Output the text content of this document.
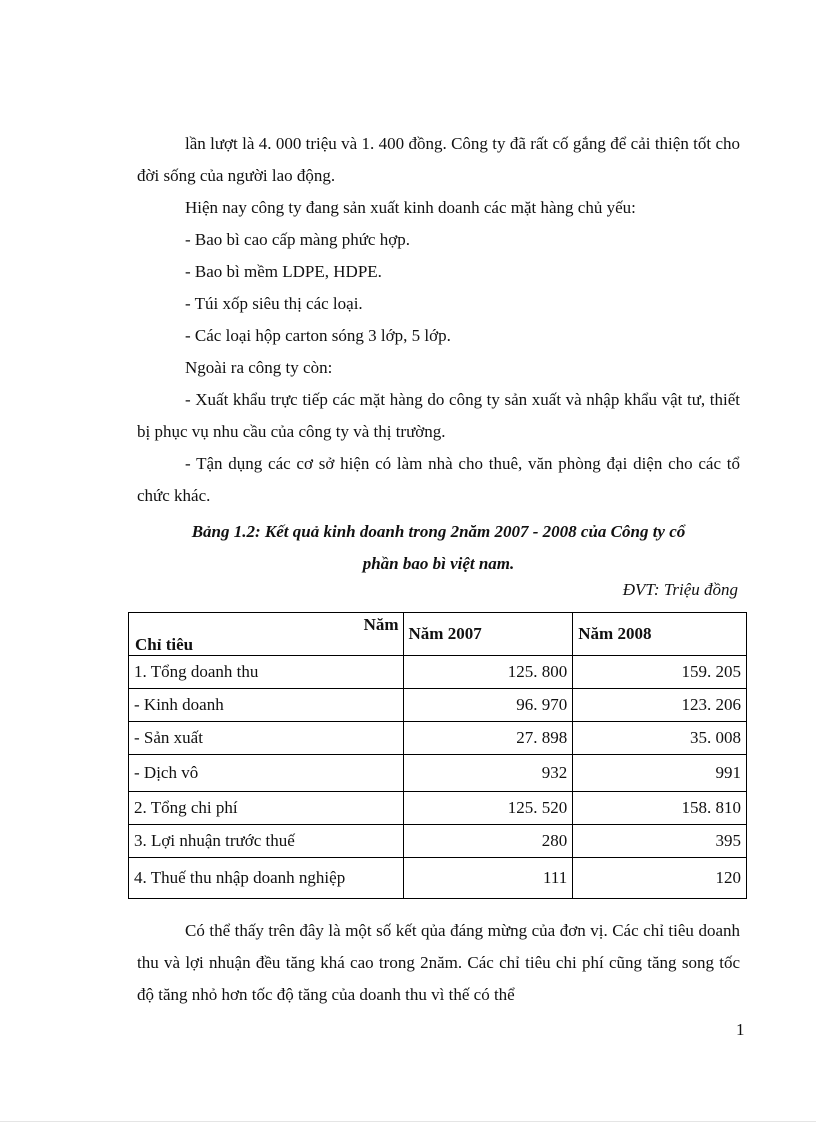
lần lượt là 4. 000 triệu và 1. 400 đồng. Công ty đã rất cố gắng để cải thiện tốt cho đời sống của người lao động.

Hiện nay công ty đang sản xuất kinh doanh các mặt hàng chủ yếu:

- Bao bì cao cấp màng phức hợp.

- Bao bì mềm LDPE, HDPE.

- Túi xốp siêu thị các loại.

- Các loại hộp carton sóng 3 lớp, 5 lớp.

Ngoài ra công ty còn:

- Xuất khẩu trực tiếp các mặt hàng do công ty sản xuất và nhập khẩu vật tư, thiết bị phục vụ nhu cầu của công ty và thị trường.

- Tận dụng các cơ sở hiện có làm nhà cho thuê, văn phòng đại diện cho các tổ chức khác.

Bảng 1.2: Kết quả kinh doanh trong 2năm 2007 - 2008 của Công ty cổ
phần bao bì việt nam.
ĐVT: Triệu đồng
Năm
Chỉ tiêu	Năm 2007	Năm 2008
1. Tổng doanh thu	125. 800	159. 205
- Kinh doanh	96. 970	123. 206
- Sản xuất	27. 898	35. 008
- Dịch vô	932	991
2. Tổng chi phí	125. 520	158. 810
3. Lợi nhuận trước thuế	280	395
4. Thuế thu nhập doanh nghiệp	111	120

Có thể thấy trên đây là một số kết qủa đáng mừng của đơn vị. Các chỉ tiêu doanh thu và lợi nhuận đều tăng khá cao trong 2năm. Các chỉ tiêu chi phí cũng tăng song tốc độ tăng nhỏ hơn tốc độ tăng của doanh thu vì thế có thể

1
